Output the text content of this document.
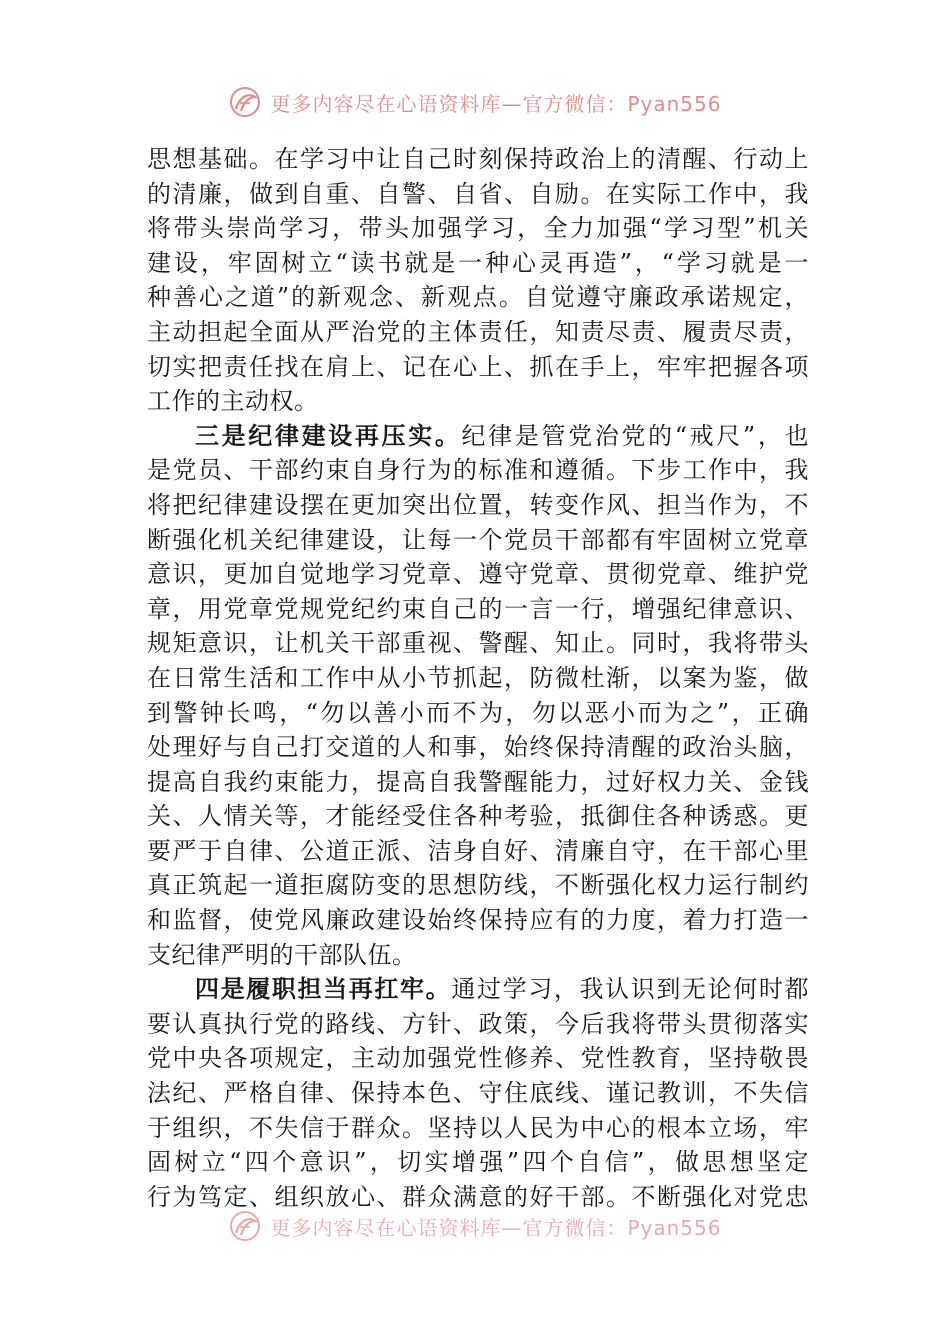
更多内容尽在心语资料库—官方微信：Pyan556
思想基础。在学习中让自己时刻保持政治上的清醒、行动上
的清廉，做到自重、自警、自省、自励。在实际工作中，我
将带头崇尚学习，带头加强学习，全力加强“学习型”机关
建设，牢固树立“读书就是一种心灵再造”，“学习就是一
种善心之道”的新观念、新观点。自觉遵守廉政承诺规定，
主动担起全面从严治党的主体责任，知责尽责、履责尽责，
切实把责任找在肩上、记在心上、抓在手上，牢牢把握各项
工作的主动权。
三是纪律建设再压实。纪律是管党治党的“戒尺”，也
是党员、干部约束自身行为的标准和遵循。下步工作中，我
将把纪律建设摆在更加突出位置，转变作风、担当作为，不
断强化机关纪律建设，让每一个党员干部都有牢固树立党章
意识，更加自觉地学习党章、遵守党章、贯彻党章、维护党
章，用党章党规党纪约束自己的一言一行，增强纪律意识、
规矩意识，让机关干部重视、警醒、知止。同时，我将带头
在日常生活和工作中从小节抓起，防微杜渐，以案为鉴，做
到警钟长鸣，“勿以善小而不为，勿以恶小而为之”，正确
处理好与自己打交道的人和事，始终保持清醒的政治头脑，
提高自我约束能力，提高自我警醒能力，过好权力关、金钱
关、人情关等，才能经受住各种考验，抵御住各种诱惑。更
要严于自律、公道正派、洁身自好、清廉自守，在干部心里
真正筑起一道拒腐防变的思想防线，不断强化权力运行制约
和监督，使党风廉政建设始终保持应有的力度，着力打造一
支纪律严明的干部队伍。
四是履职担当再扛牢。通过学习，我认识到无论何时都
要认真执行党的路线、方针、政策，今后我将带头贯彻落实
党中央各项规定，主动加强党性修养、党性教育，坚持敬畏
法纪、严格自律、保持本色、守住底线、谨记教训，不失信
于组织，不失信于群众。坚持以人民为中心的根本立场，牢
固树立“四个意识”，切实增强”四个自信”，做思想坚定
行为笃定、组织放心、群众满意的好干部。不断强化对党忠
更多内容尽在心语资料库—官方微信：Pyan556
